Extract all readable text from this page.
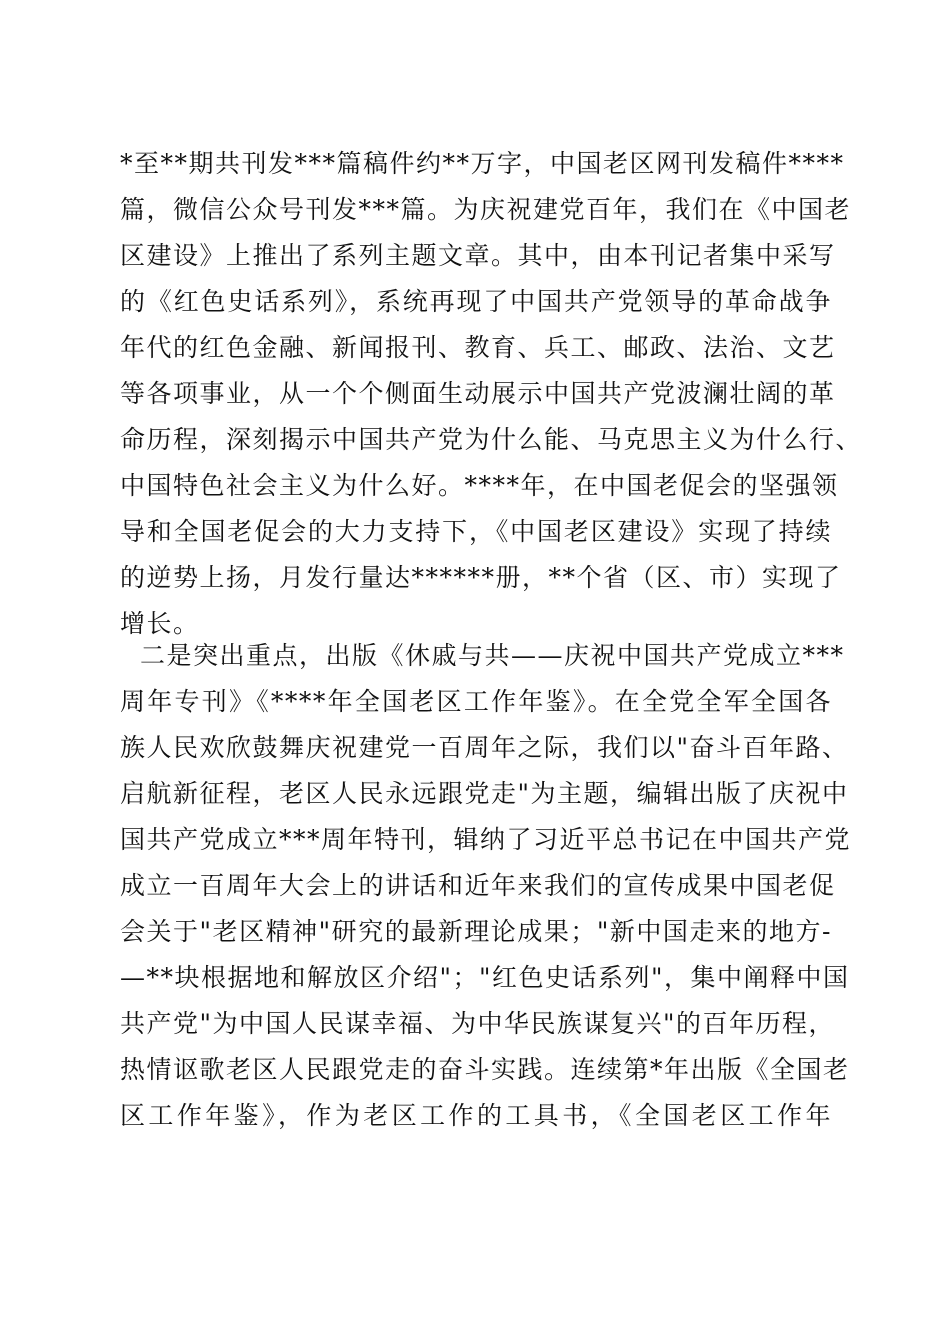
*至**期共刊发***篇稿件约**万字，中国老区网刊发稿件****
篇，微信公众号刊发***篇。为庆祝建党百年，我们在《中国老
区建设》上推出了系列主题文章。其中，由本刊记者集中采写
的《红色史话系列》，系统再现了中国共产党领导的革命战争
年代的红色金融、新闻报刊、教育、兵工、邮政、法治、文艺
等各项事业，从一个个侧面生动展示中国共产党波澜壮阔的革
命历程，深刻揭示中国共产党为什么能、马克思主义为什么行、
中国特色社会主义为什么好。****年，在中国老促会的坚强领
导和全国老促会的大力支持下，《中国老区建设》实现了持续
的逆势上扬，月发行量达******册，**个省（区、市）实现了
增长。
二是突出重点，出版《休戚与共——庆祝中国共产党成立***
周年专刊》《****年全国老区工作年鉴》。在全党全军全国各
族人民欢欣鼓舞庆祝建党一百周年之际，我们以"奋斗百年路、
启航新征程，老区人民永远跟党走"为主题，编辑出版了庆祝中
国共产党成立***周年特刊，辑纳了习近平总书记在中国共产党
成立一百周年大会上的讲话和近年来我们的宣传成果中国老促
会关于"老区精神"研究的最新理论成果；"新中国走来的地方-
—**块根据地和解放区介绍"；"红色史话系列"，集中阐释中国
共产党"为中国人民谋幸福、为中华民族谋复兴"的百年历程，
热情讴歌老区人民跟党走的奋斗实践。连续第*年出版《全国老
区工作年鉴》，作为老区工作的工具书，《全国老区工作年
